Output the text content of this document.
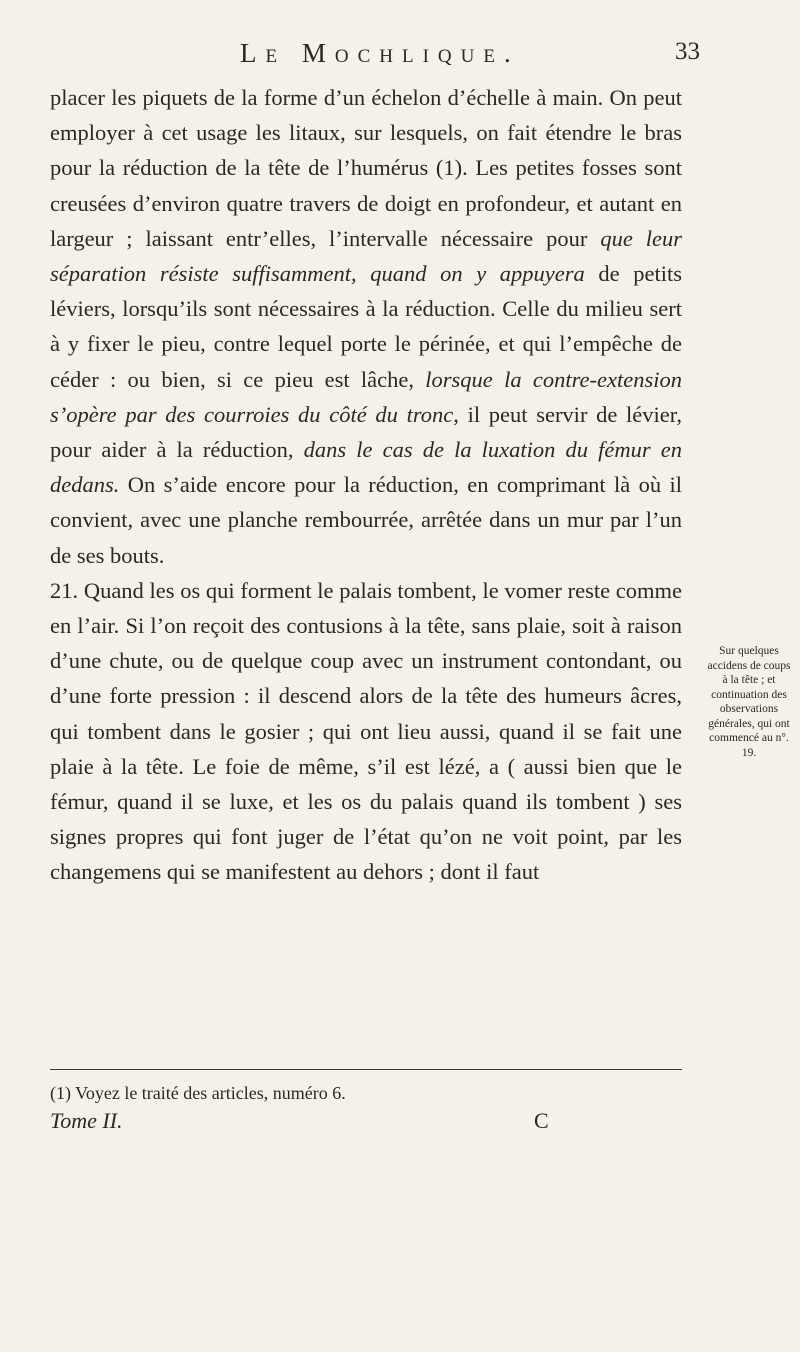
Le Mochlique.	33

placer les piquets de la forme d’un échelon d’échelle à main. On peut employer à cet usage les litaux, sur lesquels, on fait étendre le bras pour la réduction de la tête de l’humérus (1). Les petites fosses sont creusées d’environ quatre travers de doigt en profondeur, et autant en largeur ; laissant entr’elles, l’intervalle nécessaire pour que leur séparation résiste suffisamment, quand on y appuyera de petits léviers, lorsqu’ils sont nécessaires à la réduction. Celle du milieu sert à y fixer le pieu, contre lequel porte le périnée, et qui l’empêche de céder : ou bien, si ce pieu est lâche, lorsque la contre-extension s’opère par des courroies du côté du tronc, il peut servir de lévier, pour aider à la réduction, dans le cas de la luxation du fémur en dedans. On s’aide encore pour la réduction, en comprimant là où il convient, avec une planche rembourrée, arrêtée dans un mur par l’un de ses bouts.

21. Quand les os qui forment le palais tombent, le vomer reste comme en l’air. Si l’on reçoit des contusions à la tête, sans plaie, soit à raison d’une chute, ou de quelque coup avec un instrument contondant, ou d’une forte pression : il descend alors de la tête des humeurs âcres, qui tombent dans le gosier ; qui ont lieu aussi, quand il se fait une plaie à la tête. Le foie de même, s’il est lézé, a ( aussi bien que le fémur, quand il se luxe, et les os du palais quand ils tombent ) ses signes propres qui font juger de l’état qu’on ne voit point, par les changemens qui se manifestent au dehors ; dont il faut

Sur quelques accidens de coups à la tête ; et continuation des observations générales, qui ont commencé au n°. 19.
(1) Voyez le traité des articles, numéro 6.
Tome II.	C
